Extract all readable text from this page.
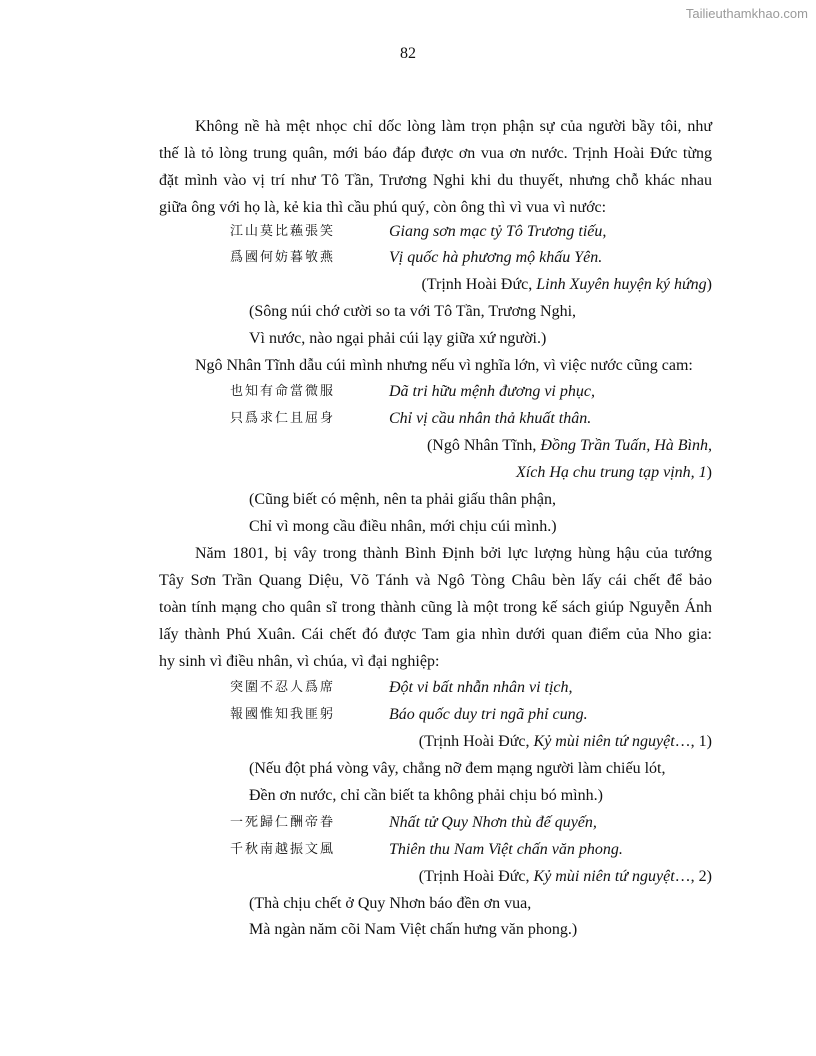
Tailieuthamkhao.com
82
Không nề hà mệt nhọc chỉ dốc lòng làm trọn phận sự của người bầy tôi, như
thế là tỏ lòng trung quân, mới báo đáp được ơn vua ơn nước. Trịnh Hoài Đức từng
đặt mình vào vị trí như Tô Tần, Trương Nghi khi du thuyết, nhưng chỗ khác nhau
giữa ông với họ là, kẻ kia thì cầu phú quý, còn ông thì vì vua vì nước:
江山莫比蘓張笑	Giang sơn mạc tỷ Tô Trương tiếu,
爲國何妨暮敂燕	Vị quốc hà phương mộ khấu Yên.
(Trịnh Hoài Đức, Linh Xuyên huyện ký hứng)
(Sông núi chớ cười so ta với Tô Tần, Trương Nghi,
Vì nước, nào ngại phải cúi lạy giữa xứ người.)
Ngô Nhân Tĩnh dẫu cúi mình nhưng nếu vì nghĩa lớn, vì việc nước cũng cam:
也知有命當微服	Dã tri hữu mệnh đương vi phục,
只爲求仁且屈身	Chỉ vị cầu nhân thả khuất thân.
(Ngô Nhân Tĩnh, Đồng Trần Tuấn, Hà Bình,
Xích Hạ chu trung tạp vịnh, 1)
(Cũng biết có mệnh, nên ta phải giấu thân phận,
Chỉ vì mong cầu điều nhân, mới chịu cúi mình.)
Năm 1801, bị vây trong thành Bình Định bởi lực lượng hùng hậu của tướng
Tây Sơn Trần Quang Diệu, Võ Tánh và Ngô Tòng Châu bèn lấy cái chết để bảo
toàn tính mạng cho quân sĩ trong thành cũng là một trong kế sách giúp Nguyễn Ánh
lấy thành Phú Xuân. Cái chết đó được Tam gia nhìn dưới quan điểm của Nho gia:
hy sinh vì điều nhân, vì chúa, vì đại nghiệp:
突圍不忍人爲席	Đột vi bất nhẫn nhân vi tịch,
報國惟知我匪躬	Báo quốc duy tri ngã phỉ cung.
(Trịnh Hoài Đức, Kỷ mùi niên tứ nguyệt…, 1)
(Nếu đột phá vòng vây, chẳng nỡ đem mạng người làm chiếu lót,
Đền ơn nước, chỉ cần biết ta không phải chịu bó mình.)
一死歸仁酬帝眷	Nhất tử Quy Nhơn thù đế quyến,
千秋南越振文風	Thiên thu Nam Việt chấn văn phong.
(Trịnh Hoài Đức, Kỷ mùi niên tứ nguyệt…, 2)
(Thà chịu chết ở Quy Nhơn báo đền ơn vua,
Mà ngàn năm cõi Nam Việt chấn hưng văn phong.)
